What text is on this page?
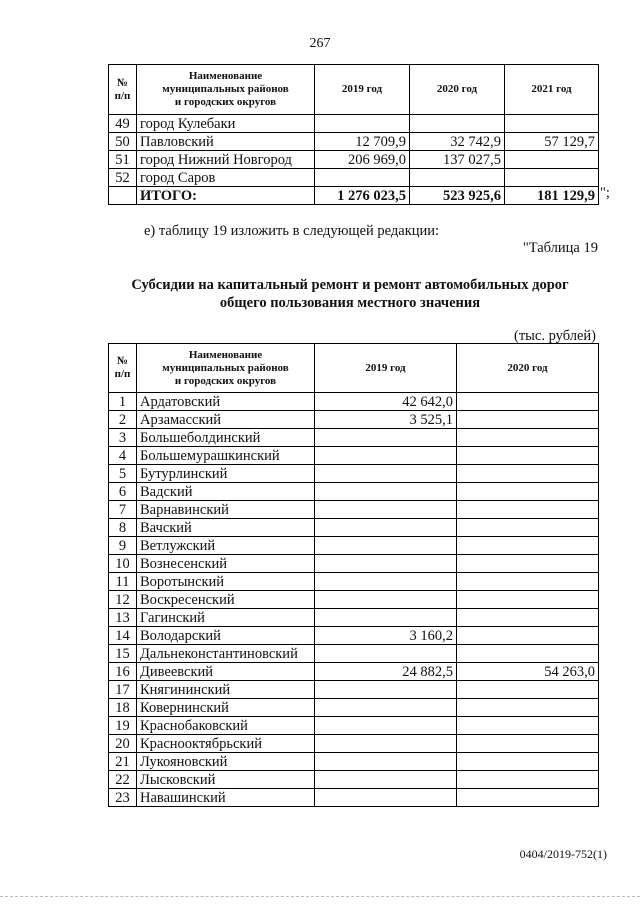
267
№
п/п	Наименование
муниципальных районов
и городских округов	2019 год	2020 год	2021 год
49	город Кулебаки			
50	Павловский	12 709,9	32 742,9	57 129,7
51	город Нижний Новгород	206 969,0	137 027,5	
52	город Саров			
	ИТОГО:	1 276 023,5	523 925,6	181 129,9 ";
е) таблицу 19 изложить в следующей редакции:
"Таблица 19
Субсидии на капитальный ремонт и ремонт автомобильных дорог
общего пользования местного значения
(тыс. рублей)
№
п/п	Наименование
муниципальных районов
и городских округов	2019 год	2020 год
1	Ардатовский	42 642,0	
2	Арзамасский	3 525,1	
3	Большеболдинский		
4	Большемурашкинский		
5	Бутурлинский		
6	Вадский		
7	Варнавинский		
8	Вачский		
9	Ветлужский		
10	Вознесенский		
11	Воротынский		
12	Воскресенский		
13	Гагинский		
14	Володарский	3 160,2	
15	Дальнеконстантиновский		
16	Дивеевский	24 882,5	54 263,0
17	Княгининский		
18	Ковернинский		
19	Краснобаковский		
20	Краснооктябрьский		
21	Лукояновский		
22	Лысковский		
23	Навашинский		
0404/2019-752(1)
